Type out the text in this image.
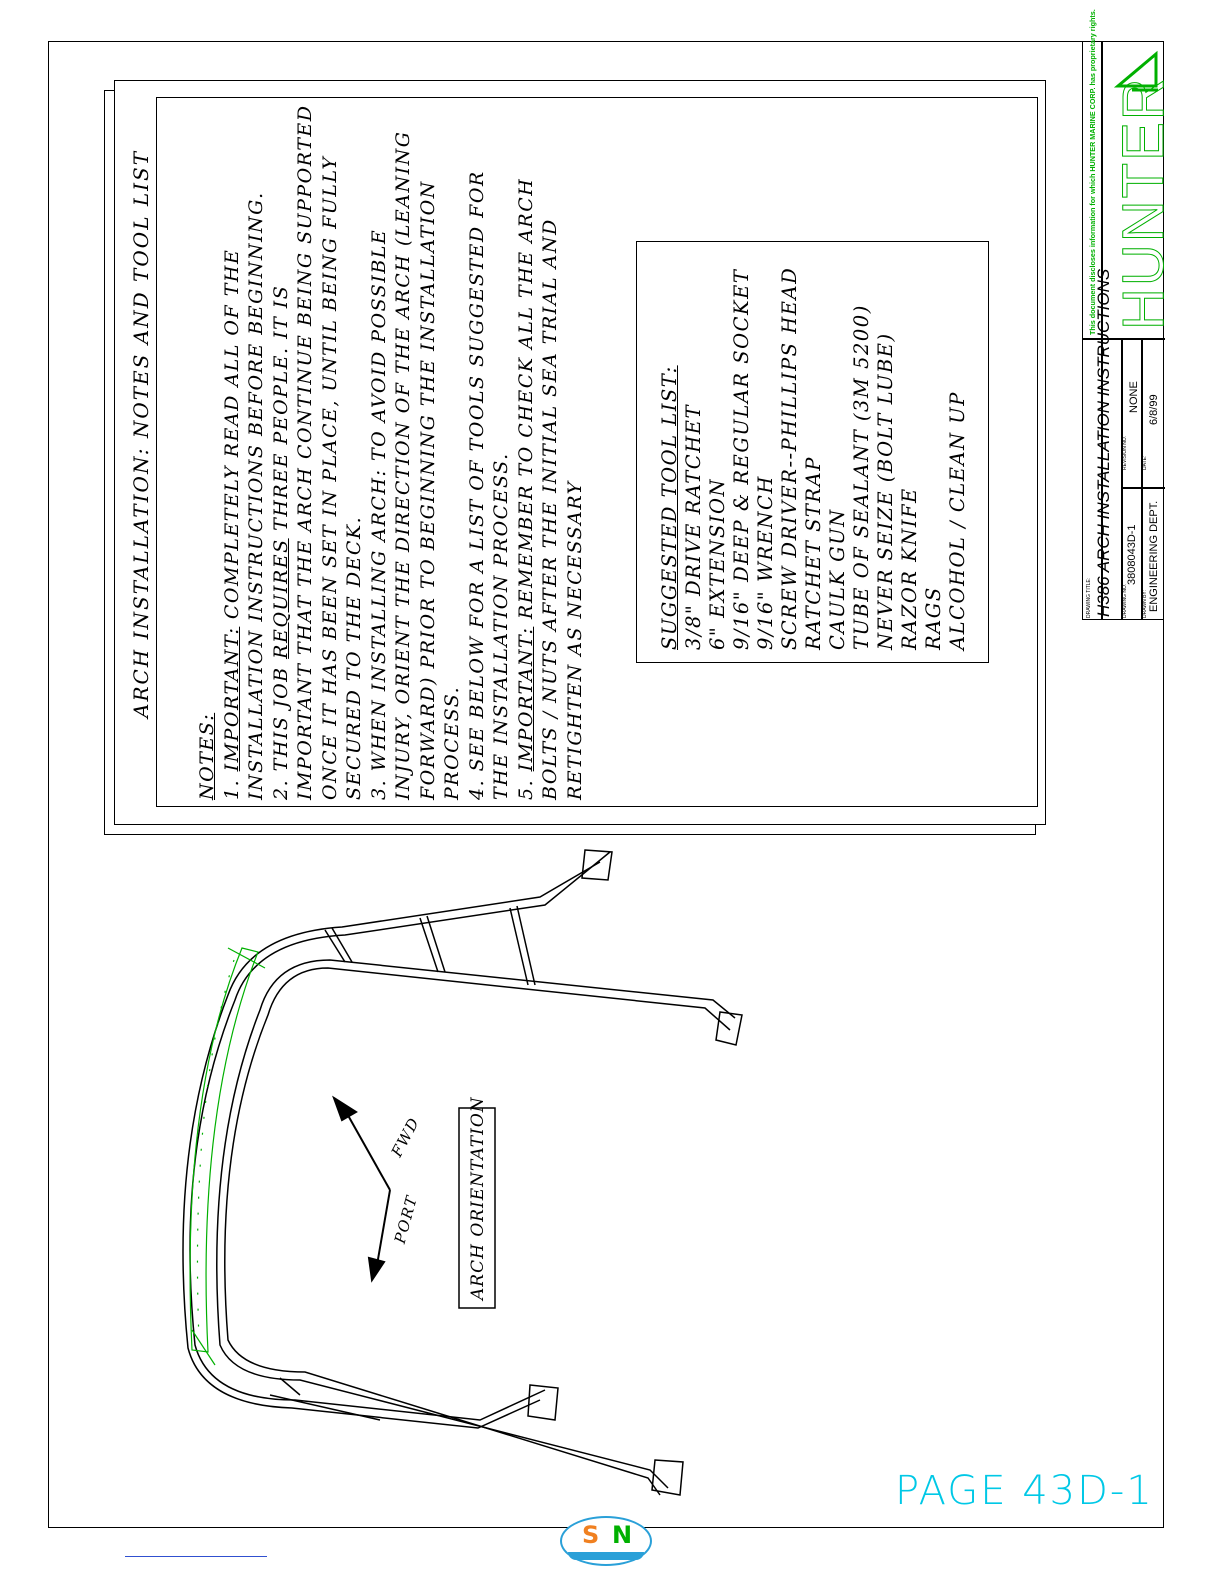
ARCH INSTALLATION: NOTES AND TOOL LIST
NOTES: 1. IMPORTANT: COMPLETELY READ ALL OF THE INSTALLATION INSTRUCTIONS BEFORE BEGINNING. 2. THIS JOB REQUIRES THREE PEOPLE. IT IS IMPORTANT THAT THE ARCH CONTINUE BEING SUPPORTED ONCE IT HAS BEEN SET IN PLACE, UNTIL BEING FULLY SECURED TO THE DECK. 3. WHEN INSTALLING ARCH: TO AVOID POSSIBLE INJURY, ORIENT THE DIRECTION OF THE ARCH (LEANING FORWARD) PRIOR TO BEGINNING THE INSTALLATION PROCESS. 4. SEE BELOW FOR A LIST OF TOOLS SUGGESTED FOR THE INSTALLATION PROCESS. 5. IMPORTANT: REMEMBER TO CHECK ALL THE ARCH BOLTS / NUTS AFTER THE INITIAL SEA TRIAL AND RETIGHTEN AS NECESSARY	SUGGESTED TOOL LIST: 3/8" DRIVE RATCHET 6" EXTENSION 9/16" DEEP & REGULAR SOCKET 9/16" WRENCH SCREW DRIVER--PHILLIPS HEAD RATCHET STRAP CAULK GUN TUBE OF SEALANT (3M 5200) NEVER SEIZE (BOLT LUBE) RAZOR KNIFE RAGS ALCOHOL / CLEAN UP
FWD
PORT	ARCH ORIENTATION
This document discloses information for which HUNTER MARINE CORP. has proprietary rights. HUNTER
DRAWING TITLE: H386 ARCH INSTALLATION INSTRUCTIONS DRAWING NO.
3808043D-1
REVISION NO.
NONE
DRAWN BY: ENGINEERING DEPT.
DATE:
6/8/99
PAGE 43D-1
S N
